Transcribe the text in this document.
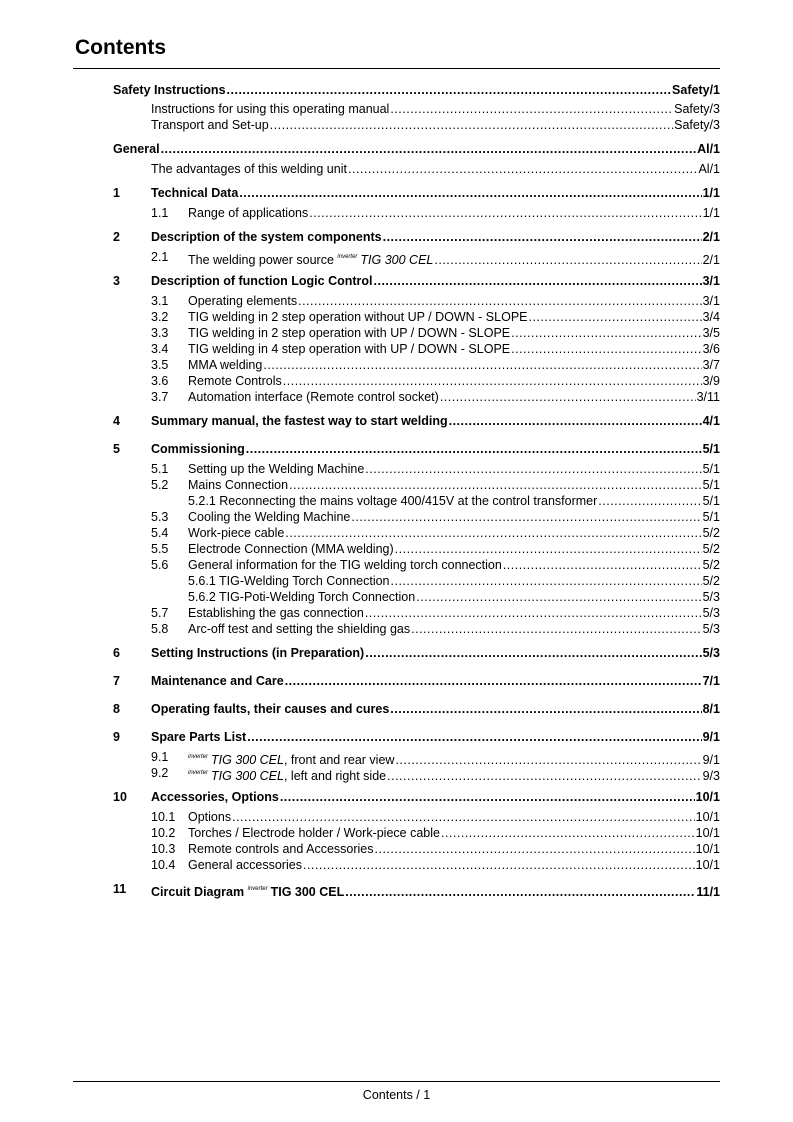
Contents
Safety Instructions .....	Safety/1
Instructions for using this operating manual .....	Safety/3
Transport and Set-up .....	Safety/3
General .....	Al/1
The advantages of this welding unit .....	Al/1
1 Technical Data .....	1/1
1.1 Range of applications .....	1/1
2 Description of the system components .....	2/1
2.1 The welding power source $^{inverter}$ TIG 300 CEL .....	2/1
3 Description of function Logic Control .....	3/1
3.1 Operating elements .....	3/1
3.2 TIG welding in 2 step operation without UP / DOWN - SLOPE .....	3/4
3.3 TIG welding in 2 step operation with UP / DOWN - SLOPE .....	3/5
3.4 TIG welding in 4 step operation with UP / DOWN - SLOPE .....	3/6
3.5 MMA welding .....	3/7
3.6 Remote Controls .....	3/9
3.7 Automation interface (Remote control socket) .....	3/11
4 Summary manual, the fastest way to start welding .....	4/1
5 Commissioning .....	5/1
5.1 Setting up the Welding Machine .....	5/1
5.2 Mains Connection .....	5/1
5.2.1 Reconnecting the mains voltage 400/415V at the control transformer .....	5/1
5.3 Cooling the Welding Machine .....	5/1
5.4 Work-piece cable .....	5/2
5.5 Electrode Connection (MMA welding) .....	5/2
5.6 General information for the TIG welding torch connection .....	5/2
5.6.1 TIG-Welding Torch Connection .....	5/2
5.6.2 TIG-Poti-Welding Torch Connection .....	5/3
5.7 Establishing the gas connection .....	5/3
5.8 Arc-off test and setting the shielding gas .....	5/3
6 Setting Instructions (in Preparation) .....	5/3
7 Maintenance and Care .....	7/1
8 Operating faults, their causes and cures .....	8/1
9 Spare Parts List .....	9/1
9.1	$^{inverter}$ TIG 300 CEL, front and rear view .....	9/1
9.2	$^{inverter}$ TIG 300 CEL, left and right side .....	9/3
10 Accessories, Options .....	10/1
10.1 Options .....	10/1
10.2 Torches / Electrode holder / Work-piece cable .....	10/1
10.3 Remote controls and Accessories .....	10/1
10.4 General accessories .....	10/1
11 Circuit Diagram $^{inverter}$ TIG 300 CEL .....	11/1
Contents / 1
